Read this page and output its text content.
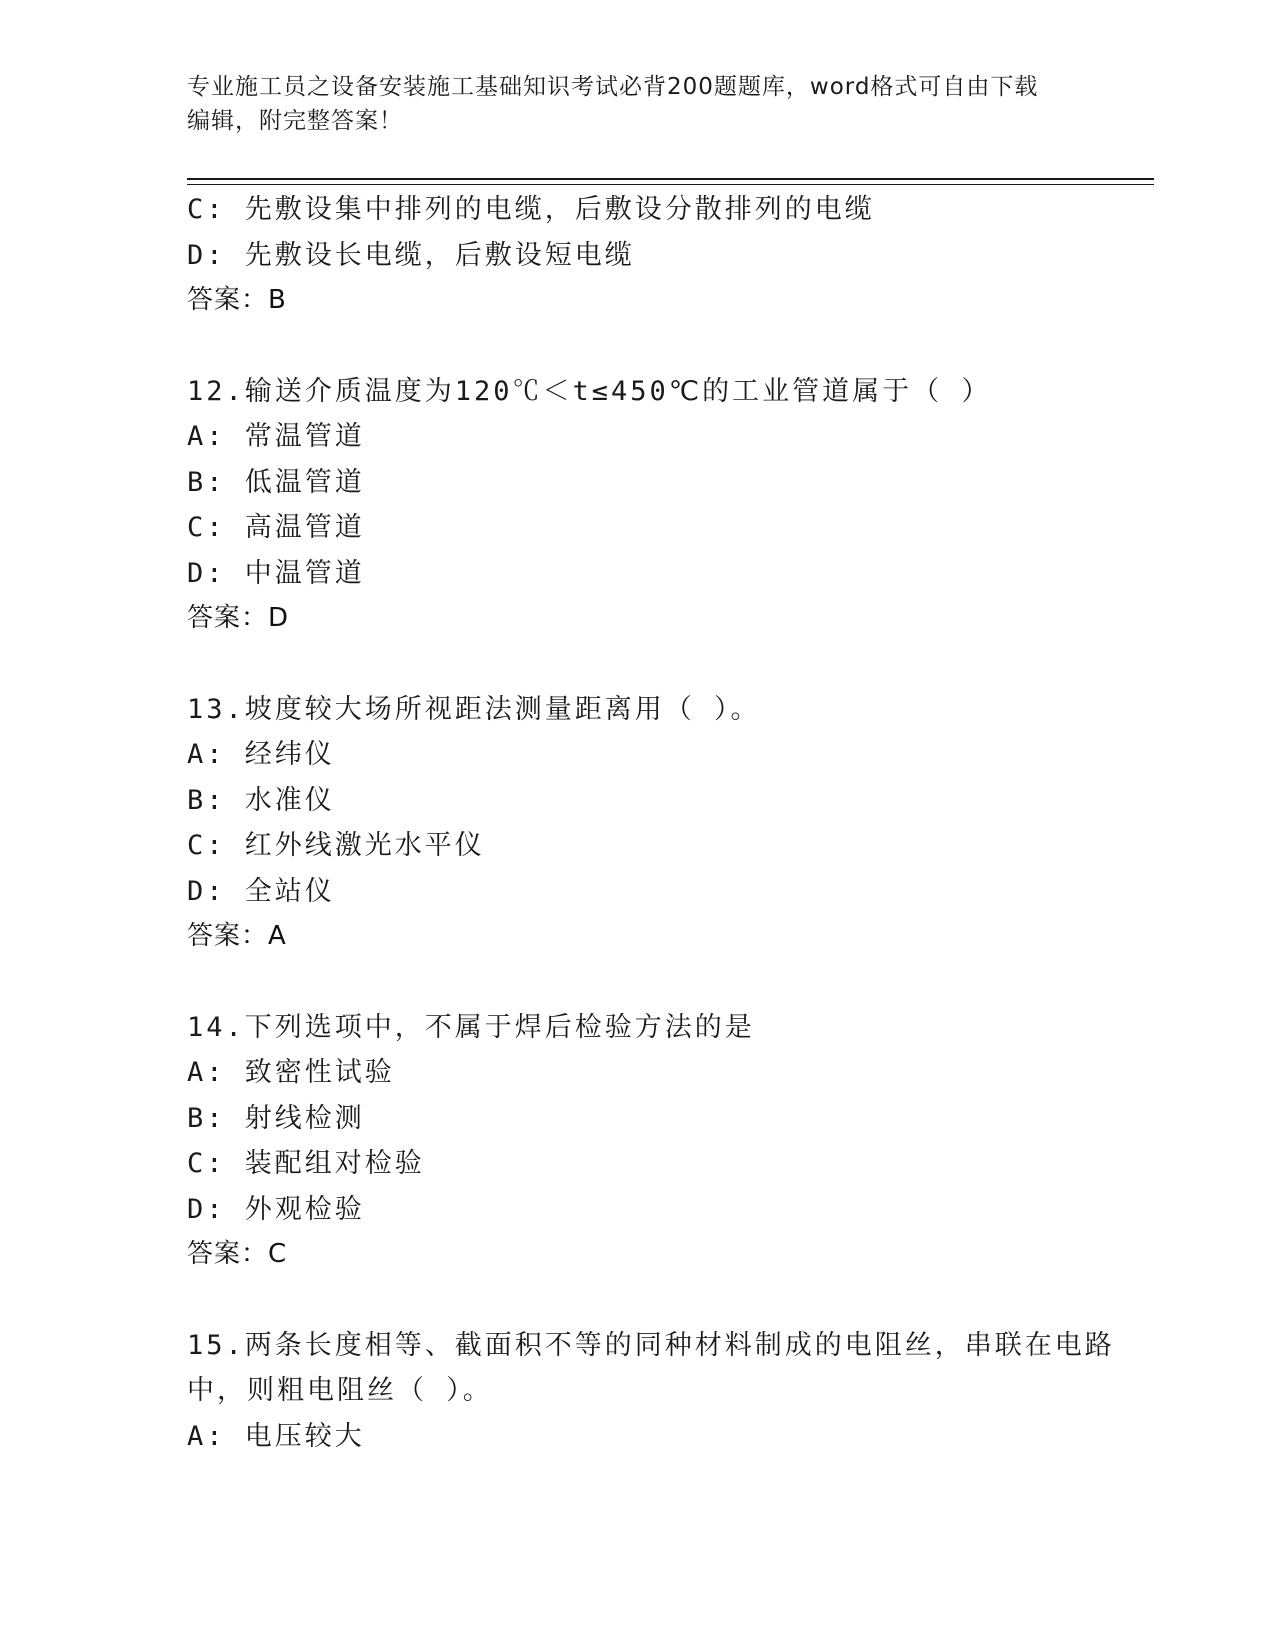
专业施工员之设备安装施工基础知识考试必背200题题库，word格式可自由下载
编辑，附完整答案！
C: 先敷设集中排列的电缆，后敷设分散排列的电缆
D: 先敷设长电缆，后敷设短电缆
答案：B
12.输送介质温度为120℃＜t≤450℃的工业管道属于（ ）
A: 常温管道
B: 低温管道
C: 高温管道
D: 中温管道
答案：D
13.坡度较大场所视距法测量距离用（ ）。
A: 经纬仪
B: 水准仪
C: 红外线激光水平仪
D: 全站仪
答案：A
14.下列选项中，不属于焊后检验方法的是
A: 致密性试验
B: 射线检测
C: 装配组对检验
D: 外观检验
答案：C
15.两条长度相等、截面积不等的同种材料制成的电阻丝，串联在电路
中，则粗电阻丝（ ）。
A: 电压较大
